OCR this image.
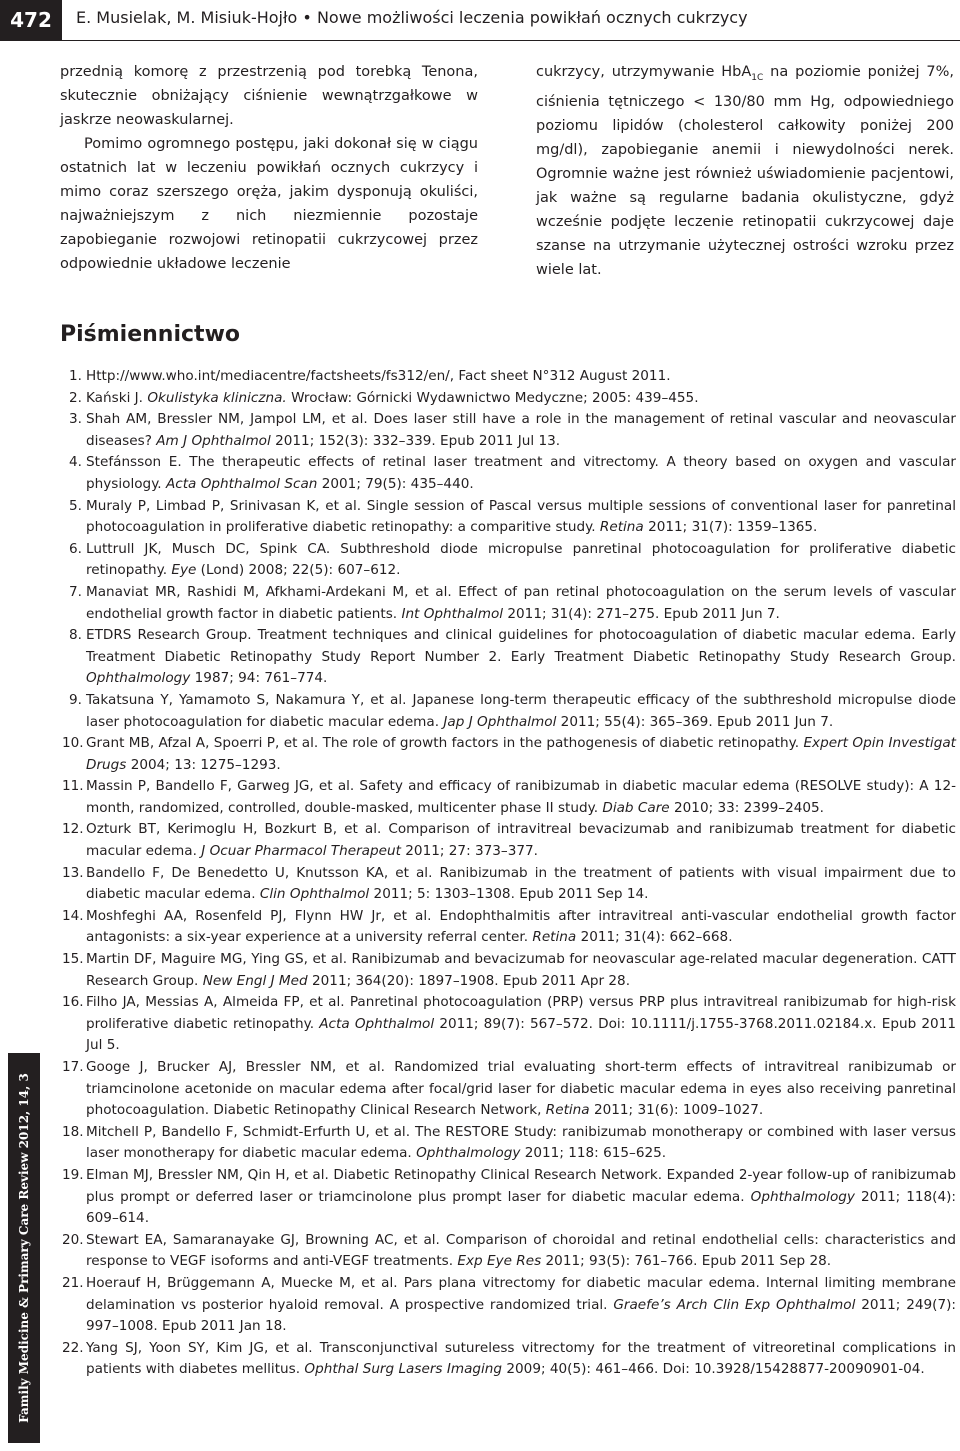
472 E. Musielak, M. Misiuk-Hojło • Nowe możliwości leczenia powikłań ocznych cukrzycy

przednią komorę z przestrzenią pod torebką Tenona, skutecznie obniżający ciśnienie wewnątrzgałkowe w jaskrze neowaskularnej.

Pomimo ogromnego postępu, jaki dokonał się w ciągu ostatnich lat w leczeniu powikłań ocznych cukrzycy i mimo coraz szerszego oręża, jakim dysponują okuliści, najważniejszym z nich niezmiennie pozostaje zapobieganie rozwojowi retinopatii cukrzycowej przez odpowiednie układowe leczenie

cukrzycy, utrzymywanie HbA$_{1C}$ na poziomie poniżej 7%, ciśnienia tętniczego < 130/80 mm Hg, odpowiedniego poziomu lipidów (cholesterol całkowity poniżej 200 mg/dl), zapobieganie anemii i niewydolności nerek. Ogromnie ważne jest również uświadomienie pacjentowi, jak ważne są regularne badania okulistyczne, gdyż wcześnie podjęte leczenie retinopatii cukrzycowej daje szanse na utrzymanie użytecznej ostrości wzroku przez wiele lat.

Piśmiennictwo
1. Http://www.who.int/mediacentre/factsheets/fs312/en/, Fact sheet N°312 August 2011.
2. Kański J. Okulistyka kliniczna. Wrocław: Górnicki Wydawnictwo Medyczne; 2005: 439–455.
3. Shah AM, Bressler NM, Jampol LM, et al. Does laser still have a role in the management of retinal vascular and neovascular diseases? Am J Ophthalmol 2011; 152(3): 332–339. Epub 2011 Jul 13.
4. Stefánsson E. The therapeutic effects of retinal laser treatment and vitrectomy. A theory based on oxygen and vascular physiology. Acta Ophthalmol Scan 2001; 79(5): 435–440.
5. Muraly P, Limbad P, Srinivasan K, et al. Single session of Pascal versus multiple sessions of conventional laser for panretinal photocoagulation in proliferative diabetic retinopathy: a comparitive study. Retina 2011; 31(7): 1359–1365.
6. Luttrull JK, Musch DC, Spink CA. Subthreshold diode micropulse panretinal photocoagulation for proliferative diabetic retinopathy. Eye (Lond) 2008; 22(5): 607–612.
7. Manaviat MR, Rashidi M, Afkhami-Ardekani M, et al. Effect of pan retinal photocoagulation on the serum levels of vascular endothelial growth factor in diabetic patients. Int Ophthalmol 2011; 31(4): 271–275. Epub 2011 Jun 7.
8. ETDRS Research Group. Treatment techniques and clinical guidelines for photocoagulation of diabetic macular edema. Early Treatment Diabetic Retinopathy Study Report Number 2. Early Treatment Diabetic Retinopathy Study Research Group. Ophthalmology 1987; 94: 761–774.
9. Takatsuna Y, Yamamoto S, Nakamura Y, et al. Japanese long-term therapeutic efficacy of the subthreshold micropulse diode laser photocoagulation for diabetic macular edema. Jap J Ophthalmol 2011; 55(4): 365–369. Epub 2011 Jun 7.
10. Grant MB, Afzal A, Spoerri P, et al. The role of growth factors in the pathogenesis of diabetic retinopathy. Expert Opin Investigat Drugs 2004; 13: 1275–1293.
11. Massin P, Bandello F, Garweg JG, et al. Safety and efficacy of ranibizumab in diabetic macular edema (RESOLVE study): A 12-month, randomized, controlled, double-masked, multicenter phase II study. Diab Care 2010; 33: 2399–2405.
12. Ozturk BT, Kerimoglu H, Bozkurt B, et al. Comparison of intravitreal bevacizumab and ranibizumab treatment for diabetic macular edema. J Ocuar Pharmacol Therapeut 2011; 27: 373–377.
13. Bandello F, De Benedetto U, Knutsson KA, et al. Ranibizumab in the treatment of patients with visual impairment due to diabetic macular edema. Clin Ophthalmol 2011; 5: 1303–1308. Epub 2011 Sep 14.
14. Moshfeghi AA, Rosenfeld PJ, Flynn HW Jr, et al. Endophthalmitis after intravitreal anti-vascular endothelial growth factor antagonists: a six-year experience at a university referral center. Retina 2011; 31(4): 662–668.
15. Martin DF, Maguire MG, Ying GS, et al. Ranibizumab and bevacizumab for neovascular age-related macular degeneration. CATT Research Group. New Engl J Med 2011; 364(20): 1897–1908. Epub 2011 Apr 28.
16. Filho JA, Messias A, Almeida FP, et al. Panretinal photocoagulation (PRP) versus PRP plus intravitreal ranibizumab for high-risk proliferative diabetic retinopathy. Acta Ophthalmol 2011; 89(7): 567–572. Doi: 10.1111/j.1755-3768.2011.02184.x. Epub 2011 Jul 5.
17. Googe J, Brucker AJ, Bressler NM, et al. Randomized trial evaluating short-term effects of intravitreal ranibizumab or triamcinolone acetonide on macular edema after focal/grid laser for diabetic macular edema in eyes also receiving panretinal photocoagulation. Diabetic Retinopathy Clinical Research Network, Retina 2011; 31(6): 1009–1027.
18. Mitchell P, Bandello F, Schmidt-Erfurth U, et al. The RESTORE Study: ranibizumab monotherapy or combined with laser versus laser monotherapy for diabetic macular edema. Ophthalmology 2011; 118: 615–625.
19. Elman MJ, Bressler NM, Qin H, et al. Diabetic Retinopathy Clinical Research Network. Expanded 2-year follow-up of ranibizumab plus prompt or deferred laser or triamcinolone plus prompt laser for diabetic macular edema. Ophthalmology 2011; 118(4): 609–614.
20. Stewart EA, Samaranayake GJ, Browning AC, et al. Comparison of choroidal and retinal endothelial cells: characteristics and response to VEGF isoforms and anti-VEGF treatments. Exp Eye Res 2011; 93(5): 761–766. Epub 2011 Sep 28.
21. Hoerauf H, Brüggemann A, Muecke M, et al. Pars plana vitrectomy for diabetic macular edema. Internal limiting membrane delamination vs posterior hyaloid removal. A prospective randomized trial. Graefe’s Arch Clin Exp Ophthalmol 2011; 249(7): 997–1008. Epub 2011 Jan 18.
22. Yang SJ, Yoon SY, Kim JG, et al. Transconjunctival sutureless vitrectomy for the treatment of vitreoretinal complications in patients with diabetes mellitus. Ophthal Surg Lasers Imaging 2009; 40(5): 461–466. Doi: 10.3928/15428877-20090901-04.
Family Medicine & Primary Care Review 2012, 14, 3
